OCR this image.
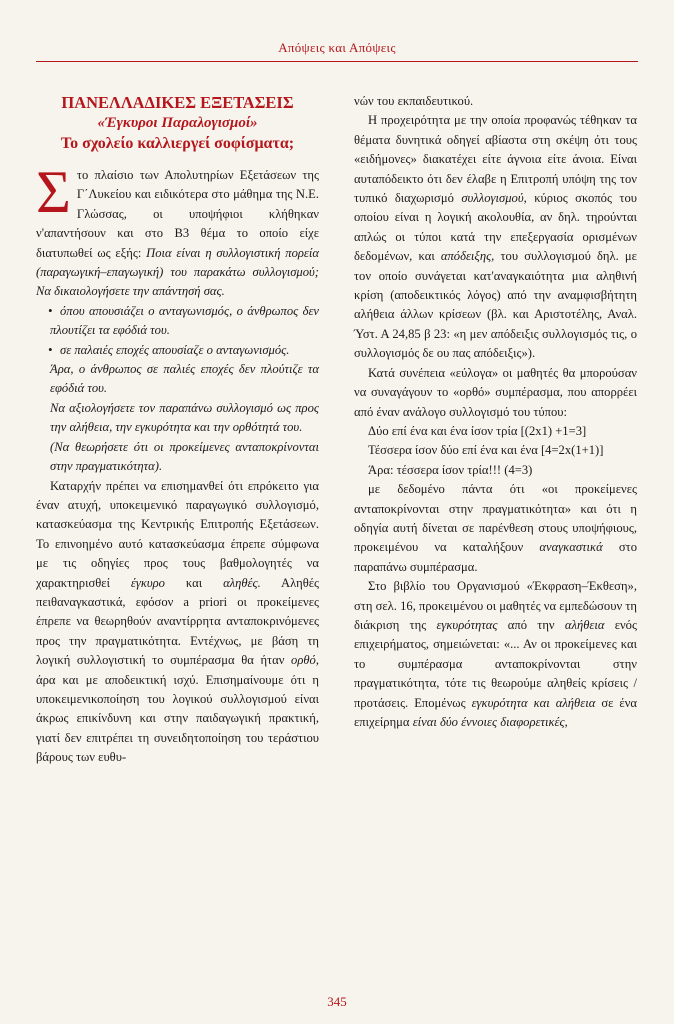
Απόψεις και Απόψεις
ΠΑΝΕΛΛΑΔΙΚΕΣ ΕΞΕΤΑΣΕΙΣ
«Έγκυροι Παραλογισμοί»
Το σχολείο καλλιεργεί σοφίσματα;

Στο πλαίσιο των Απολυτηρίων Εξετάσεων της Γ΄Λυκείου και ειδικότερα στο μάθημα της Ν.Ε. Γλώσσας, οι υποψήφιοι κλήθηκαν ν'απαντήσουν και στο Β3 θέμα το οποίο είχε διατυπωθεί ως εξής: Ποια είναι η συλλογιστική πορεία (παραγωγική–επαγωγική) του παρακάτω συλλογισμού; Να δικαιολογήσετε την απάντησή σας.

• όπου απουσιάζει ο ανταγωνισμός, ο άνθρωπος δεν πλουτίζει τα εφόδιά του.

• σε παλαιές εποχές απουσίαζε ο ανταγωνισμός.

Άρα, ο άνθρωπος σε παλιές εποχές δεν πλούτιζε τα εφόδιά του.

Να αξιολογήσετε τον παραπάνω συλλογισμό ως προς την αλήθεια, την εγκυρότητα και την ορθότητά του.

(Να θεωρήσετε ότι οι προκείμενες ανταποκρίνονται στην πραγματικότητα).

Καταρχήν πρέπει να επισημανθεί ότι επρόκειτο για έναν ατυχή, υποκειμενικό παραγωγικό συλλογισμό, κατασκεύασμα της Κεντρικής Επιτροπής Εξετάσεων. Το επινοημένο αυτό κατασκεύασμα έπρεπε σύμφωνα με τις οδηγίες προς τους βαθμολογητές να χαρακτηρισθεί έγκυρο και αληθές. Αληθές πειθαναγκαστικά, εφόσον a priori οι προκείμενες έπρεπε να θεωρηθούν αναντίρρητα ανταποκρινόμενες προς την πραγματικότητα. Εντέχνως, με βάση τη λογική συλλογιστική το συμπέρασμα θα ήταν ορθό, άρα και με αποδεικτική ισχύ. Επισημαίνουμε ότι η υποκειμενικοποίηση του λογικού συλλογισμού είναι άκρως επικίνδυνη και στην παιδαγωγική πρακτική, γιατί δεν επιτρέπει τη συνειδητοποίηση του τεράστιου βάρους των ευθυ-

νών του εκπαιδευτικού.

Η προχειρότητα με την οποία προφανώς τέθηκαν τα θέματα δυνητικά οδηγεί αβίαστα στη σκέψη ότι τους «ειδήμονες» διακατέχει είτε άγνοια είτε άνοια. Είναι αυταπόδεικτο ότι δεν έλαβε η Επιτροπή υπόψη της τον τυπικό διαχωρισμό συλλογισμού, κύριος σκοπός του οποίου είναι η λογική ακολουθία, αν δηλ. τηρούνται απλώς οι τύποι κατά την επεξεργασία ορισμένων δεδομένων, και απόδειξης, του συλλογισμού δηλ. με τον οποίο συνάγεται κατ'αναγκαιότητα μια αληθινή κρίση (αποδεικτικός λόγος) από την αναμφισβήτητη αλήθεια άλλων κρίσεων (βλ. και Αριστοτέλης, Αναλ. Ύστ. Α 24,85 β 23: «η μεν απόδειξις συλλογισμός τις, ο συλλογισμός δε ου πας απόδειξις»).

Κατά συνέπεια «εύλογα» οι μαθητές θα μπορούσαν να συναγάγουν το «ορθό» συμπέρασμα, που απορρέει από έναν ανάλογο συλλογισμό του τύπου:

Δύο επί ένα και ένα ίσον τρία [(2x1) +1=3]

Τέσσερα ίσον δύο επί ένα και ένα [4=2x(1+1)]

Άρα: τέσσερα ίσον τρία!!! (4=3)

με δεδομένο πάντα ότι «οι προκείμενες ανταποκρίνονται στην πραγματικότητα» και ότι η οδηγία αυτή δίνεται σε παρένθεση στους υποψήφιους, προκειμένου να καταλήξουν αναγκαστικά στο παραπάνω συμπέρασμα.

Στο βιβλίο του Οργανισμού «Έκφραση–Έκθεση», στη σελ. 16, προκειμένου οι μαθητές να εμπεδώσουν τη διάκριση της εγκυρότητας από την αλήθεια ενός επιχειρήματος, σημειώνεται: «... Αν οι προκείμενες και το συμπέρασμα ανταποκρίνονται στην πραγματικότητα, τότε τις θεωρούμε αληθείς κρίσεις / προτάσεις. Επομένως εγκυρότητα και αλήθεια σε ένα επιχείρημα είναι δύο έννοιες διαφορετικές,

345
